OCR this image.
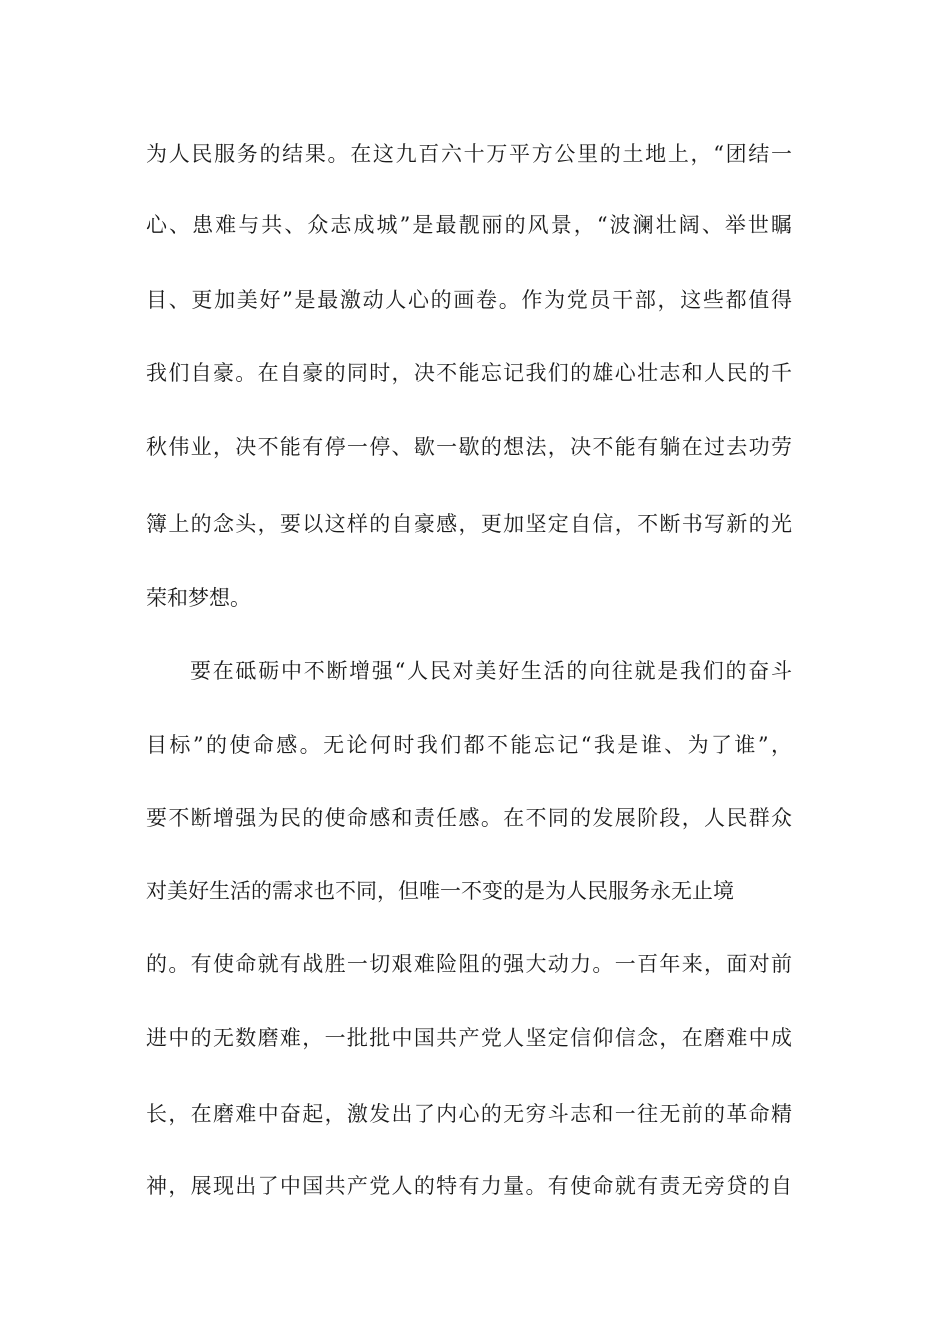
为人民服务的结果。在这九百六十万平方公里的土地上，“团结一
心、患难与共、众志成城”是最靓丽的风景，“波澜壮阔、举世瞩
目、更加美好”是最激动人心的画卷。作为党员干部，这些都值得
我们自豪。在自豪的同时，决不能忘记我们的雄心壮志和人民的千
秋伟业，决不能有停一停、歇一歇的想法，决不能有躺在过去功劳
簿上的念头，要以这样的自豪感，更加坚定自信，不断书写新的光
荣和梦想。
要在砥砺中不断增强“人民对美好生活的向往就是我们的奋斗
目标”的使命感。无论何时我们都不能忘记“我是谁、为了谁”，
要不断增强为民的使命感和责任感。在不同的发展阶段，人民群众
对美好生活的需求也不同，但唯一不变的是为人民服务永无止境
的。有使命就有战胜一切艰难险阻的强大动力。一百年来，面对前
进中的无数磨难，一批批中国共产党人坚定信仰信念，在磨难中成
长，在磨难中奋起，激发出了内心的无穷斗志和一往无前的革命精
神，展现出了中国共产党人的特有力量。有使命就有责无旁贷的自
